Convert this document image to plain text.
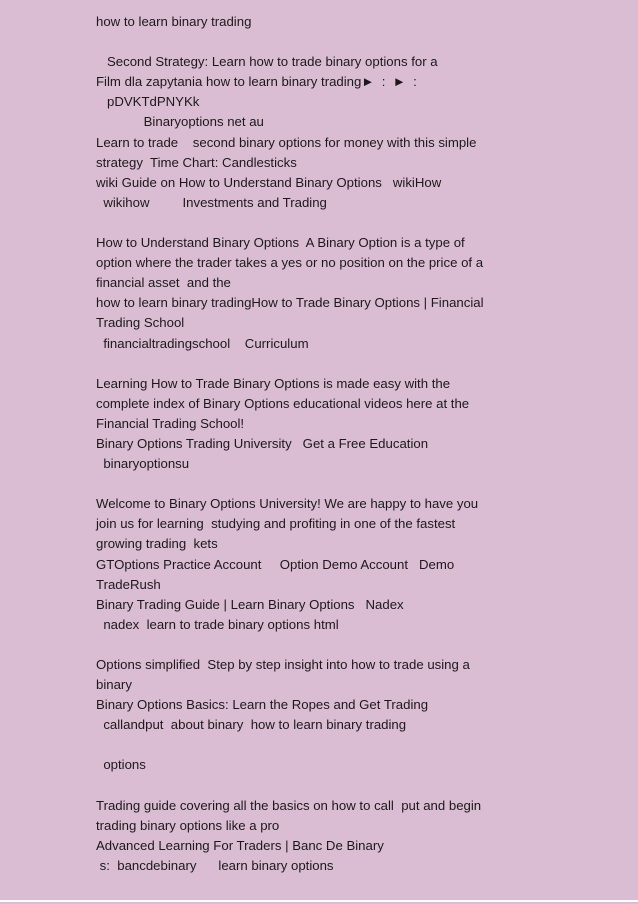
how to learn binary trading
Second Strategy: Learn how to trade binary options for a
Film dla zapytania how to learn binary trading►  :  ►  :
pDVKTdPNYKk
Binaryoptions net au
Learn to trade    second binary options for money with this simple
strategy  Time Chart: Candlesticks
wiki Guide on How to Understand Binary Options   wikiHow
wikihow         Investments and Trading
How to Understand Binary Options  A Binary Option is a type of
option where the trader takes a yes or no position on the price of a
financial asset  and the
how to learn binary tradingHow to Trade Binary Options | Financial
Trading School
financialtradingschool    Curriculum
Learning How to Trade Binary Options is made easy with the
complete index of Binary Options educational videos here at the
Financial Trading School!
Binary Options Trading University   Get a Free Education
binaryoptionsu
Welcome to Binary Options University! We are happy to have you
join us for learning  studying and profiting in one of the fastest
growing trading  kets
GTOptions Practice Account     Option Demo Account   Demo
TradeRush
Binary Trading Guide | Learn Binary Options   Nadex
nadex  learn to trade binary options html
Options simplified  Step by step insight into how to trade using a
binary
Binary Options Basics: Learn the Ropes and Get Trading
callandput  about binary  how to learn binary trading
options
Trading guide covering all the basics on how to call  put and begin
trading binary options like a pro
Advanced Learning For Traders | Banc De Binary
s:  bancdebinary      learn binary options
